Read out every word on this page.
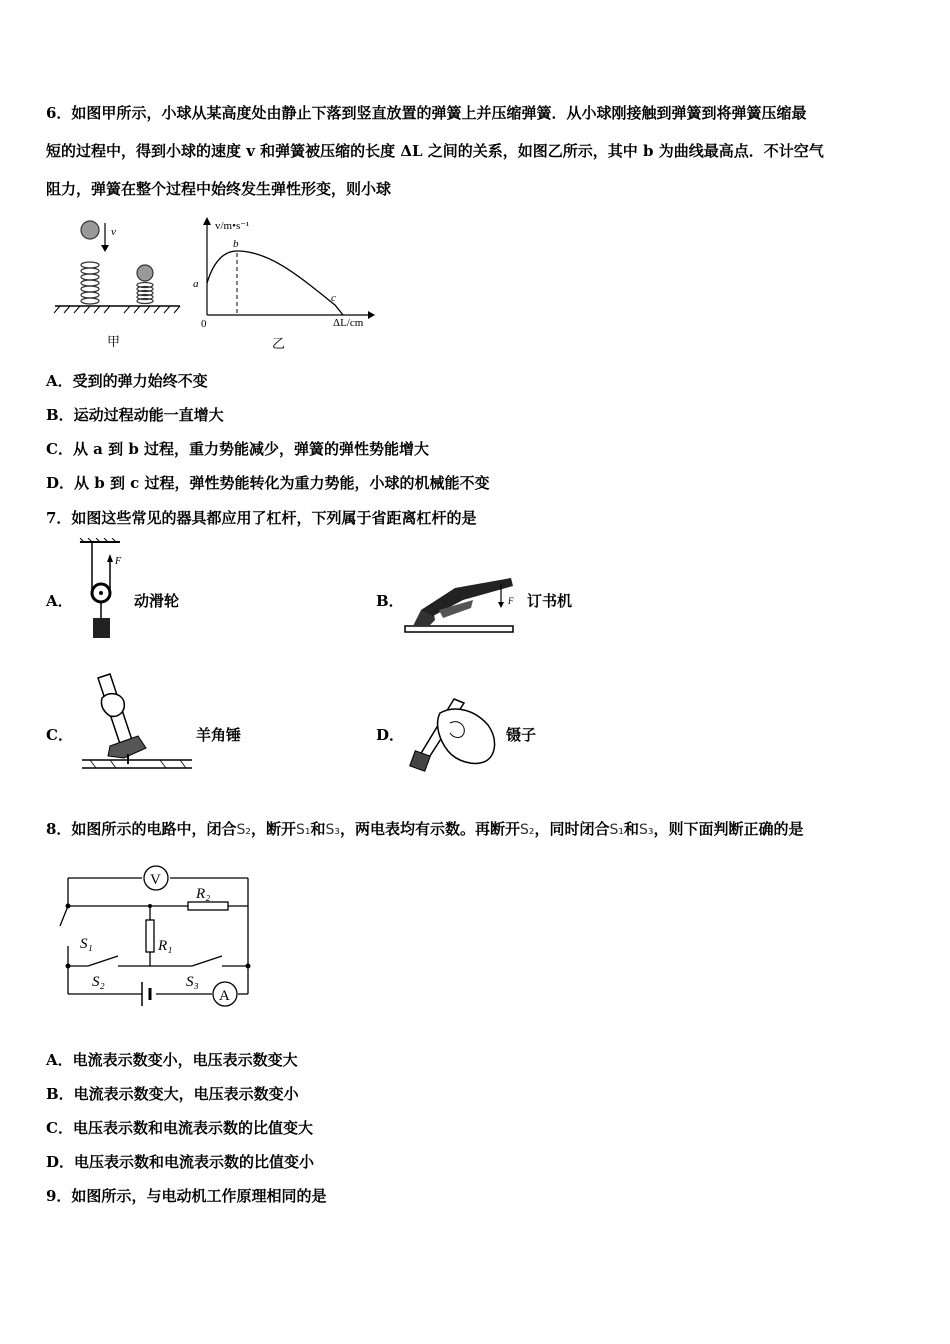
6．如图甲所示，小球从某高度处由静止下落到竖直放置的弹簧上并压缩弹簧．从小球刚接触到弹簧到将弹簧压缩最
短的过程中，得到小球的速度 v 和弹簧被压缩的长度 ΔL 之间的关系，如图乙所示，其中 b 为曲线最高点．不计空气
阻力，弹簧在整个过程中始终发生弹性形变，则小球
v
甲
v/m•s⁻¹
ΔL/cm
0
a
b
c
乙
A．受到的弹力始终不变
B．运动过程动能一直增大
C．从 a 到 b 过程，重力势能减少，弹簧的弹性势能增大
D．从 b 到 c 过程，弹性势能转化为重力势能，小球的机械能不变
7．如图这些常见的器具都应用了杠杆，下列属于省距离杠杆的是
A．
F
动滑轮	B．	F 订书机
C．	羊角锤	D．	镊子
8．如图所示的电路中，闭合S₂，断开S₁和S₃，两电表均有示数。再断开S₂，同时闭合S₁和S₃，则下面判断正确的是
V
R₂
R₁
S₁
S₂	S₃
A
A．电流表示数变小，电压表示数变大
B．电流表示数变大，电压表示数变小
C．电压表示数和电流表示数的比值变大
D．电压表示数和电流表示数的比值变小
9．如图所示，与电动机工作原理相同的是
